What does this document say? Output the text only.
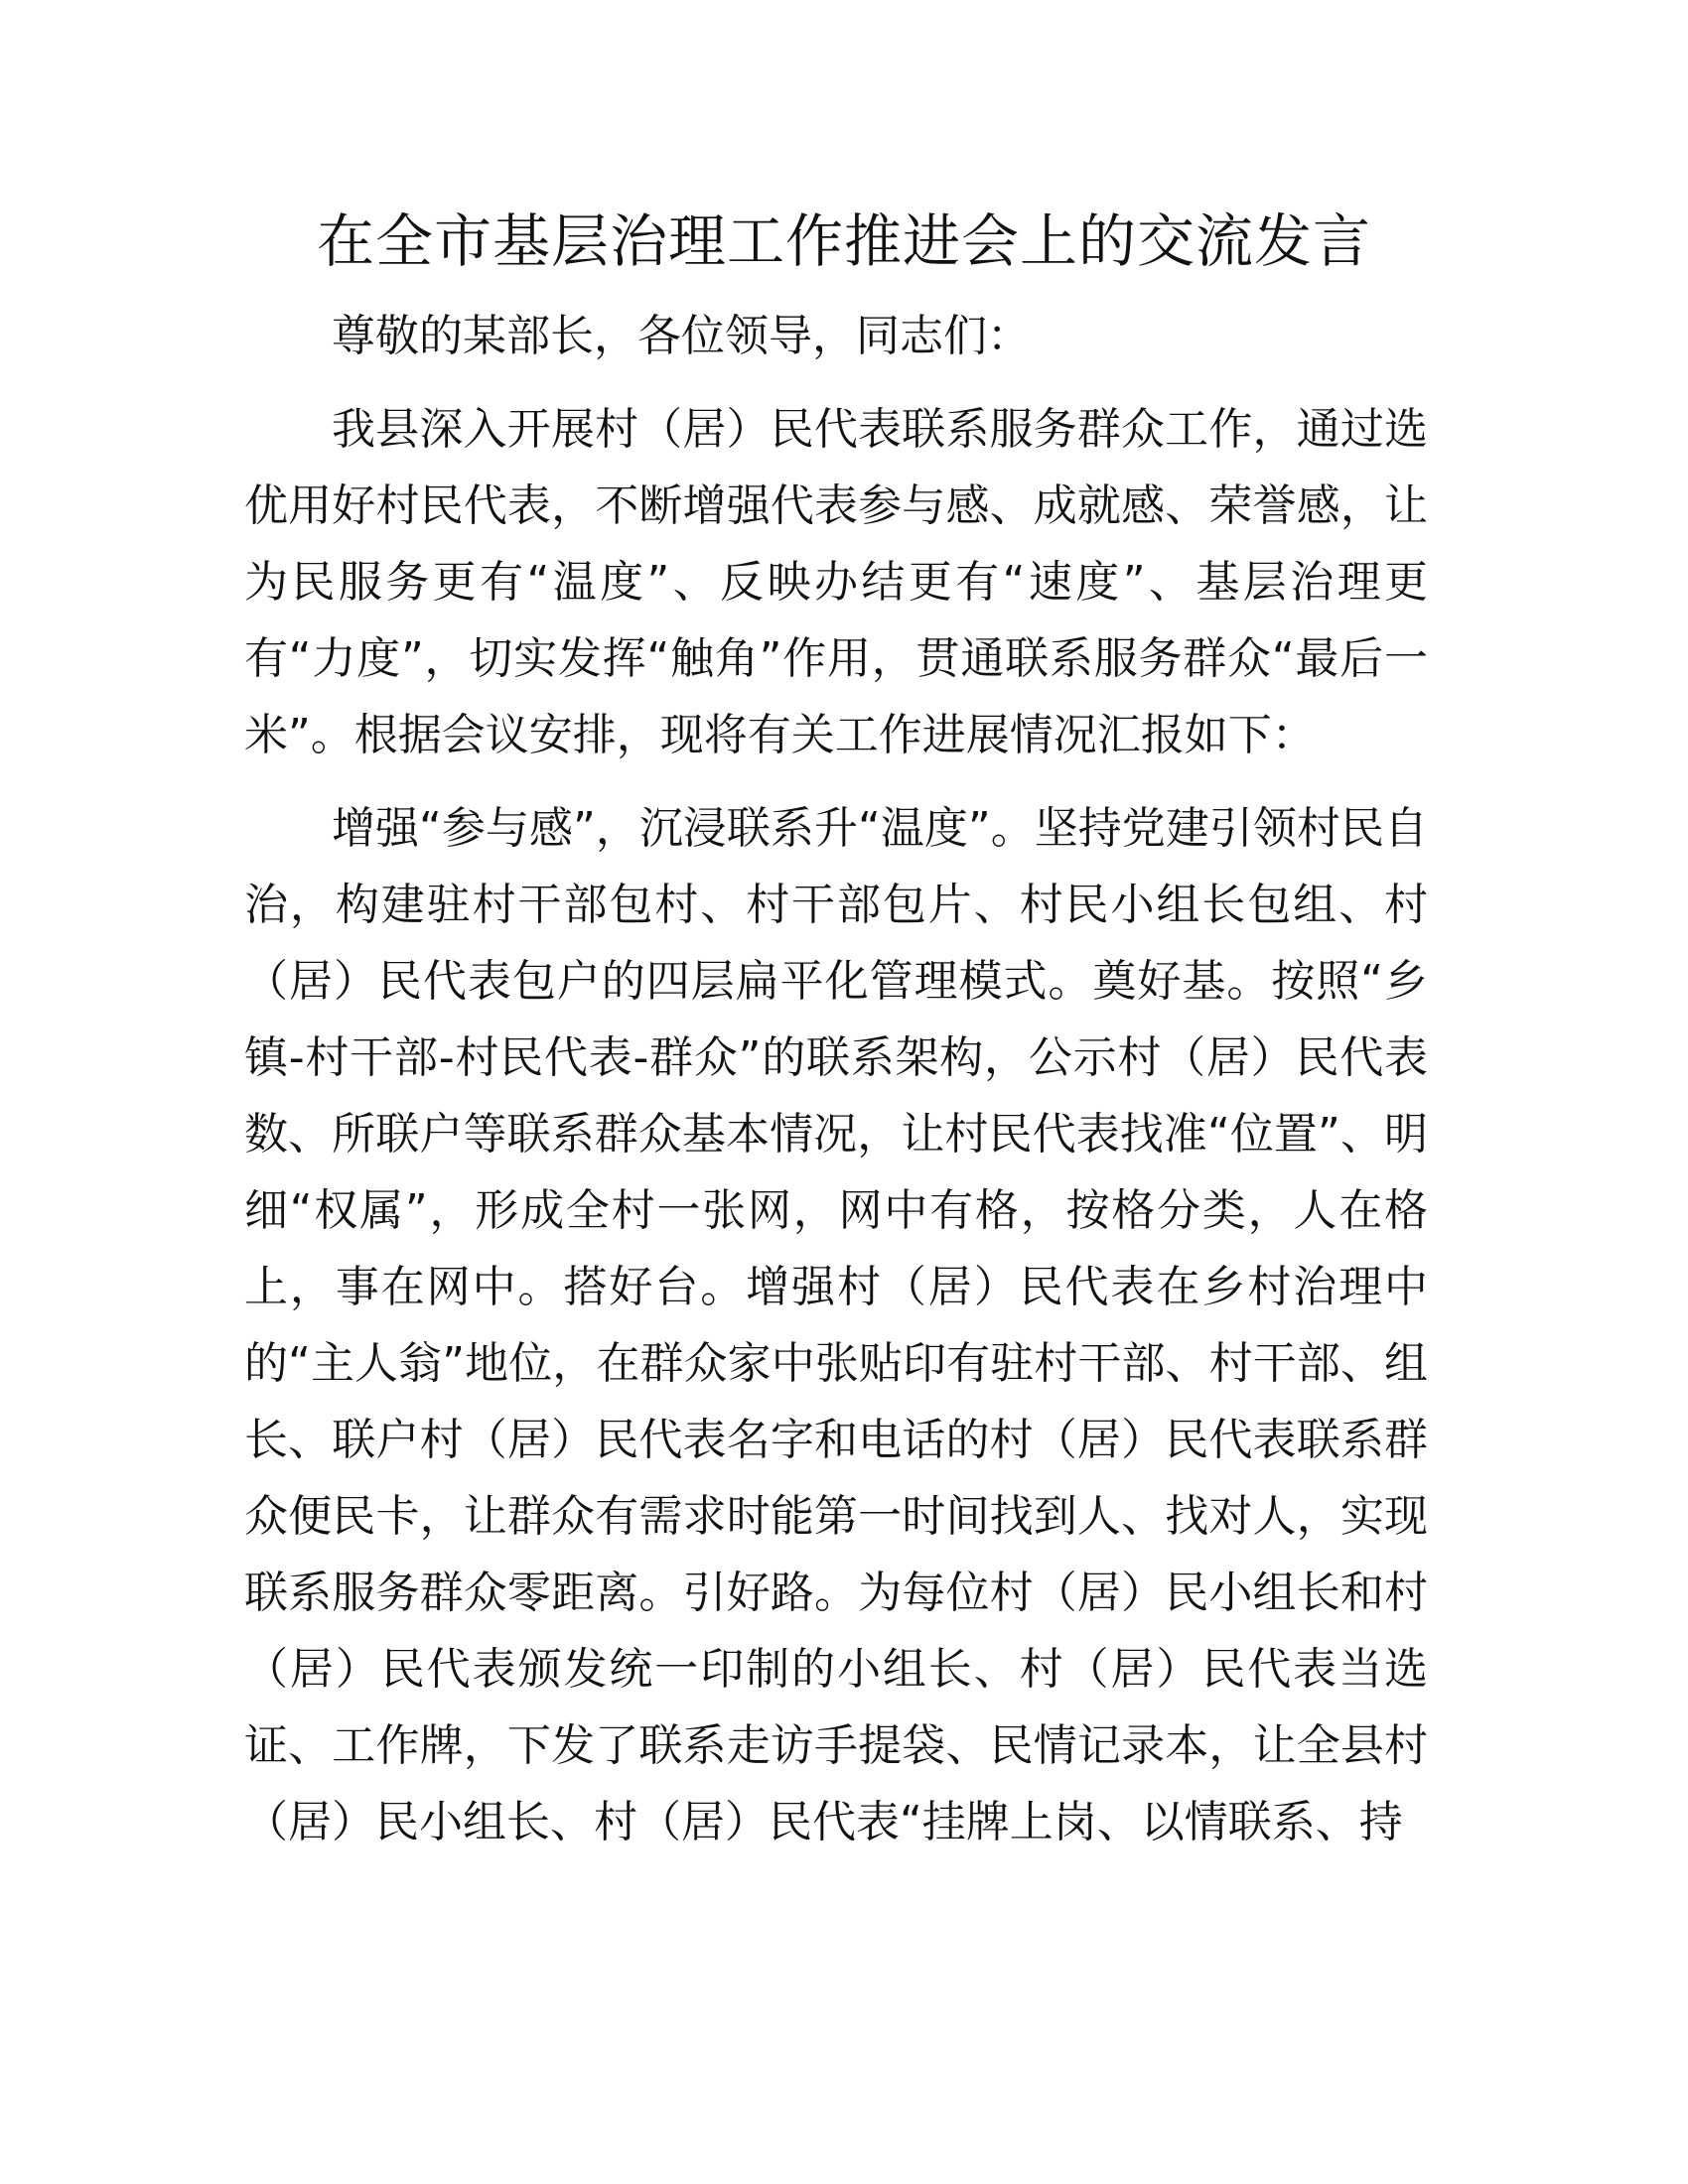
在全市基层治理工作推进会上的交流发言

尊敬的某部长，各位领导，同志们：

我县深入开展村（居）民代表联系服务群众工作，通过选优用好村民代表，不断增强代表参与感、成就感、荣誉感，让为民服务更有“温度”、反映办结更有“速度”、基层治理更有“力度”，切实发挥“触角”作用，贯通联系服务群众“最后一米”。根据会议安排，现将有关工作进展情况汇报如下：

增强“参与感”，沉浸联系升“温度”。坚持党建引领村民自治，构建驻村干部包村、村干部包片、村民小组长包组、村（居）民代表包户的四层扁平化管理模式。奠好基。按照“乡镇-村干部-村民代表-群众”的联系架构，公示村（居）民代表数、所联户等联系群众基本情况，让村民代表找准“位置”、明细“权属”，形成全村一张网，网中有格，按格分类，人在格上，事在网中。搭好台。增强村（居）民代表在乡村治理中的“主人翁”地位，在群众家中张贴印有驻村干部、村干部、组长、联户村（居）民代表名字和电话的村（居）民代表联系群众便民卡，让群众有需求时能第一时间找到人、找对人，实现联系服务群众零距离。引好路。为每位村（居）民小组长和村（居）民代表颁发统一印制的小组长、村（居）民代表当选证、工作牌，下发了联系走访手提袋、民情记录本，让全县村（居）民小组长、村（居）民代表“挂牌上岗、以情联系、持
